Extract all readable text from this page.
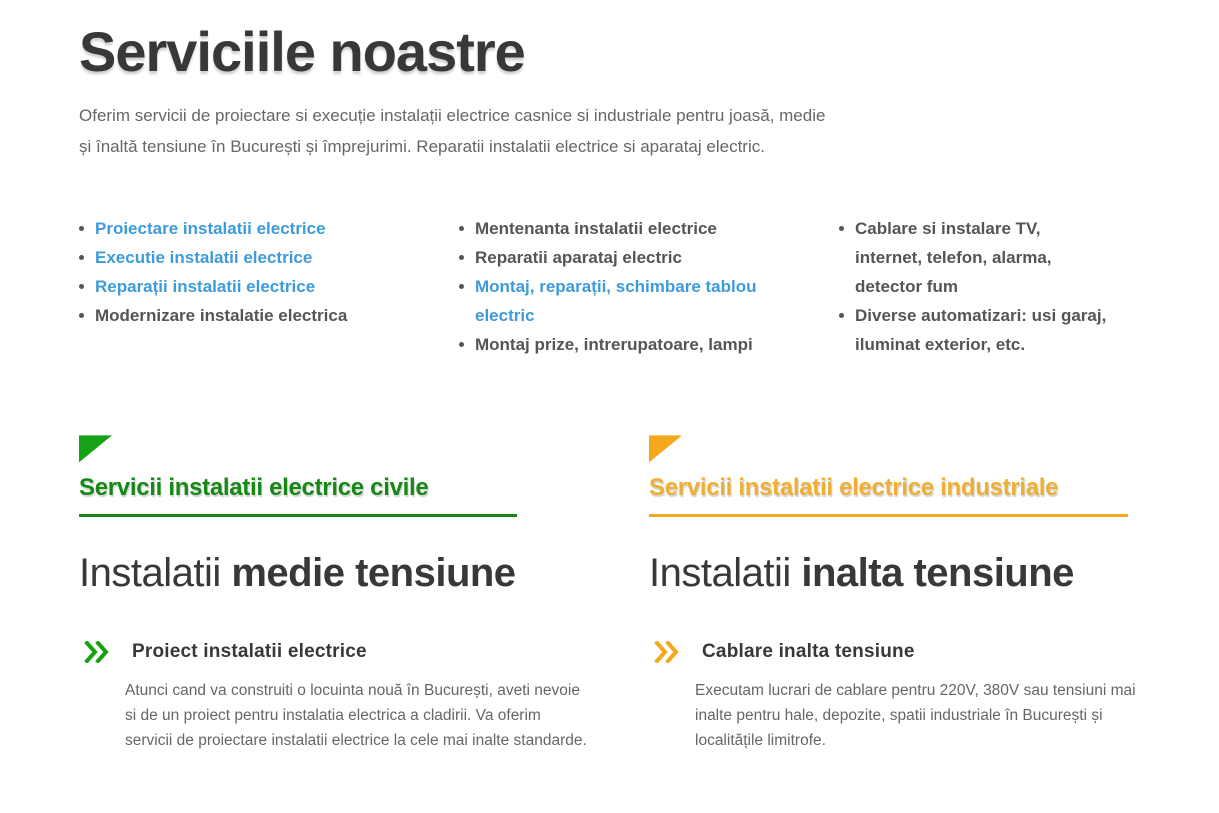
Serviciile noastre

Oferim servicii de proiectare si execuție instalații electrice casnice si industriale pentru joasă, medie și înaltă tensiune în București și împrejurimi. Reparatii instalatii electrice si aparataj electric.

Proiectare instalatii electrice
Executie instalatii electrice
Reparații instalatii electrice
Modernizare instalatie electrica
Mentenanta instalatii electrice
Reparatii aparataj electric
Montaj, reparații, schimbare tablou electric
Montaj prize, intrerupatoare, lampi
Cablare si instalare TV, internet, telefon, alarma, detector fum
Diverse automatizari: usi garaj, iluminat exterior, etc.
Servicii instalatii electrice civile
Instalatii medie tensiune
Proiect instalatii electrice

Atunci cand va construiti o locuinta nouă în București, aveti nevoie si de un proiect pentru instalatia electrica a cladirii. Va oferim servicii de proiectare instalatii electrice la cele mai inalte standarde.

Servicii instalatii electrice industriale
Instalatii inalta tensiune
Cablare inalta tensiune

Executam lucrari de cablare pentru 220V, 380V sau tensiuni mai inalte pentru hale, depozite, spatii industriale în București și localitățile limitrofe.
